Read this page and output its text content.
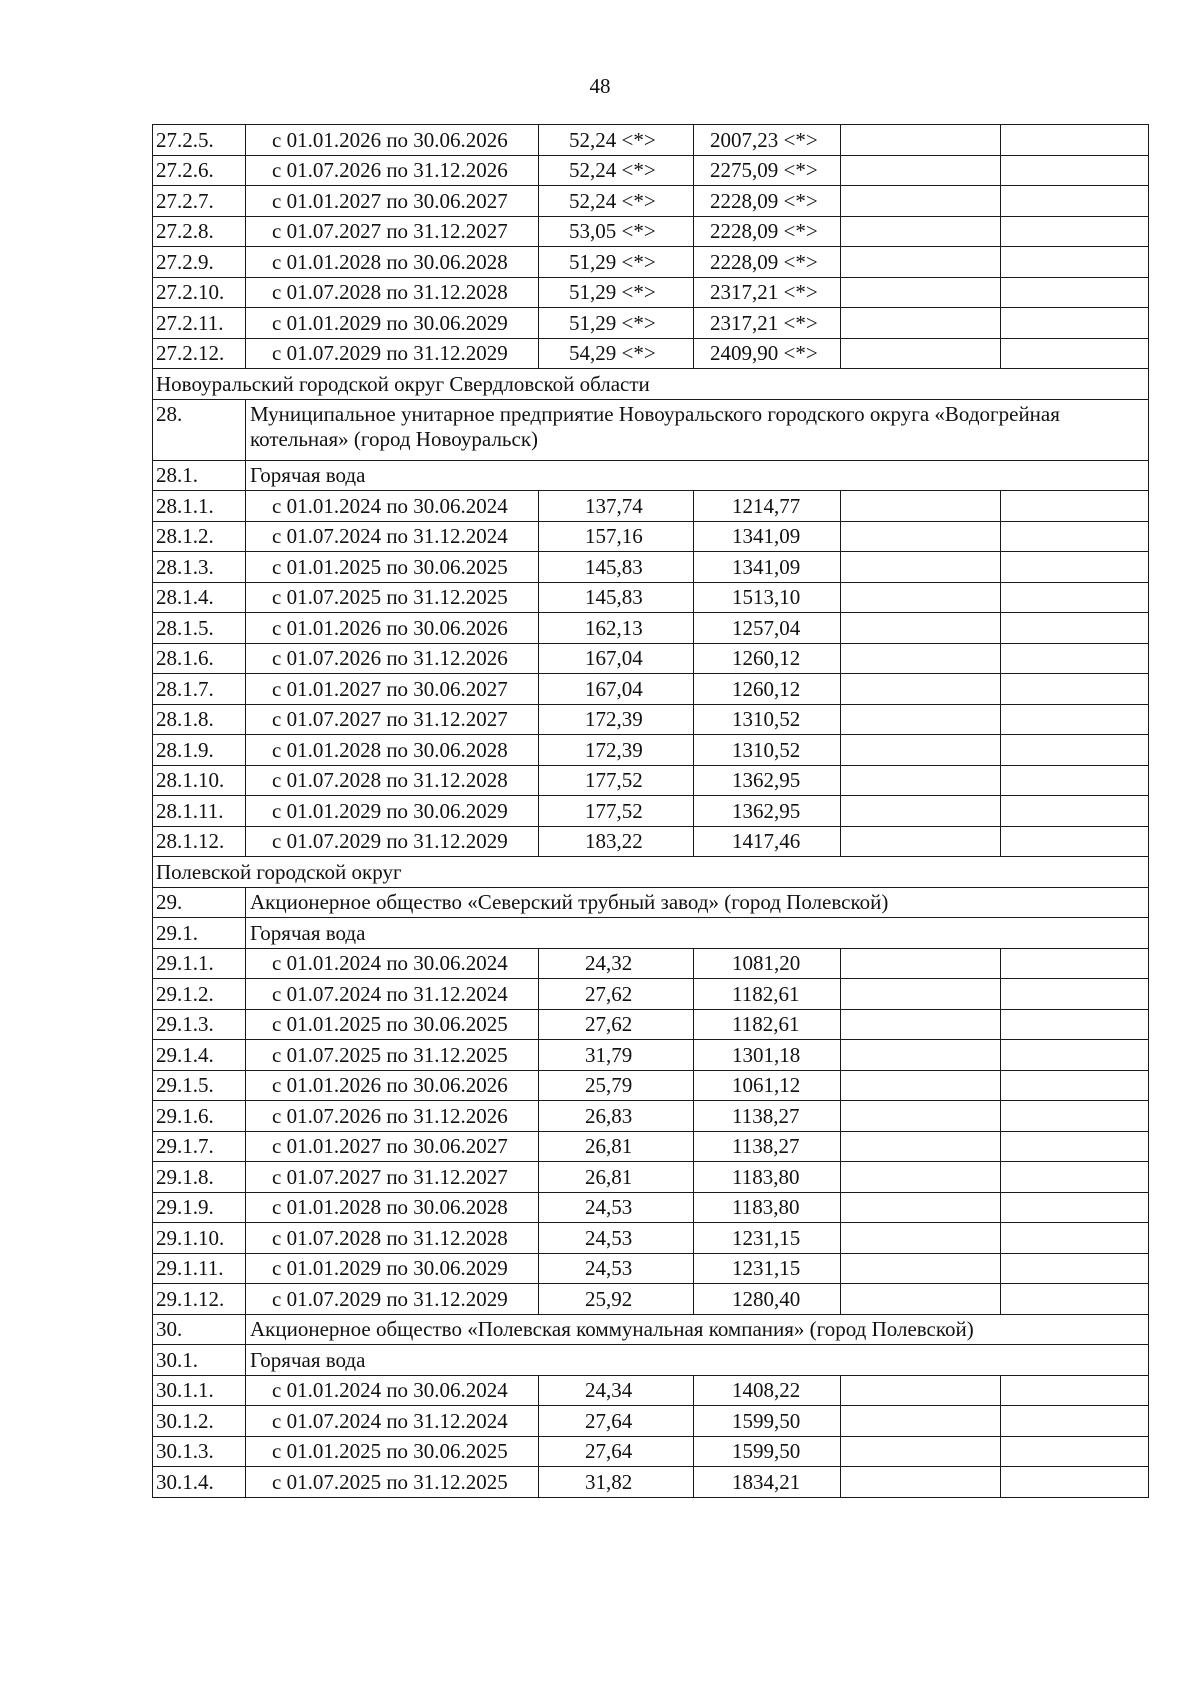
48
27.2.5.	с 01.01.2026 по 30.06.2026	52,24 <*>	2007,23 <*>		
27.2.6.	с 01.07.2026 по 31.12.2026	52,24 <*>	2275,09 <*>		
27.2.7.	с 01.01.2027 по 30.06.2027	52,24 <*>	2228,09 <*>		
27.2.8.	с 01.07.2027 по 31.12.2027	53,05 <*>	2228,09 <*>		
27.2.9.	с 01.01.2028 по 30.06.2028	51,29 <*>	2228,09 <*>		
27.2.10.	с 01.07.2028 по 31.12.2028	51,29 <*>	2317,21 <*>		
27.2.11.	с 01.01.2029 по 30.06.2029	51,29 <*>	2317,21 <*>		
27.2.12.	с 01.07.2029 по 31.12.2029	54,29 <*>	2409,90 <*>		
Новоуральский городской округ Свердловской области					
28.	Муниципальное унитарное предприятие Новоуральского городского округа «Водогрейная котельная» (город Новоуральск)				
28.1.	Горячая вода				
28.1.1.	с 01.01.2024 по 30.06.2024	137,74	1214,77		
28.1.2.	с 01.07.2024 по 31.12.2024	157,16	1341,09		
28.1.3.	с 01.01.2025 по 30.06.2025	145,83	1341,09		
28.1.4.	с 01.07.2025 по 31.12.2025	145,83	1513,10		
28.1.5.	с 01.01.2026 по 30.06.2026	162,13	1257,04		
28.1.6.	с 01.07.2026 по 31.12.2026	167,04	1260,12		
28.1.7.	с 01.01.2027 по 30.06.2027	167,04	1260,12		
28.1.8.	с 01.07.2027 по 31.12.2027	172,39	1310,52		
28.1.9.	с 01.01.2028 по 30.06.2028	172,39	1310,52		
28.1.10.	с 01.07.2028 по 31.12.2028	177,52	1362,95		
28.1.11.	с 01.01.2029 по 30.06.2029	177,52	1362,95		
28.1.12.	с 01.07.2029 по 31.12.2029	183,22	1417,46		
Полевской городской округ					
29.	Акционерное общество «Северский трубный завод» (город Полевской)				
29.1.	Горячая вода				
29.1.1.	с 01.01.2024 по 30.06.2024	24,32	1081,20		
29.1.2.	с 01.07.2024 по 31.12.2024	27,62	1182,61		
29.1.3.	с 01.01.2025 по 30.06.2025	27,62	1182,61		
29.1.4.	с 01.07.2025 по 31.12.2025	31,79	1301,18		
29.1.5.	с 01.01.2026 по 30.06.2026	25,79	1061,12		
29.1.6.	с 01.07.2026 по 31.12.2026	26,83	1138,27		
29.1.7.	с 01.01.2027 по 30.06.2027	26,81	1138,27		
29.1.8.	с 01.07.2027 по 31.12.2027	26,81	1183,80		
29.1.9.	с 01.01.2028 по 30.06.2028	24,53	1183,80		
29.1.10.	с 01.07.2028 по 31.12.2028	24,53	1231,15		
29.1.11.	с 01.01.2029 по 30.06.2029	24,53	1231,15		
29.1.12.	с 01.07.2029 по 31.12.2029	25,92	1280,40		
30.	Акционерное общество «Полевская коммунальная компания» (город Полевской)				
30.1.	Горячая вода				
30.1.1.	с 01.01.2024 по 30.06.2024	24,34	1408,22		
30.1.2.	с 01.07.2024 по 31.12.2024	27,64	1599,50		
30.1.3.	с 01.01.2025 по 30.06.2025	27,64	1599,50		
30.1.4.	с 01.07.2025 по 31.12.2025	31,82	1834,21		
